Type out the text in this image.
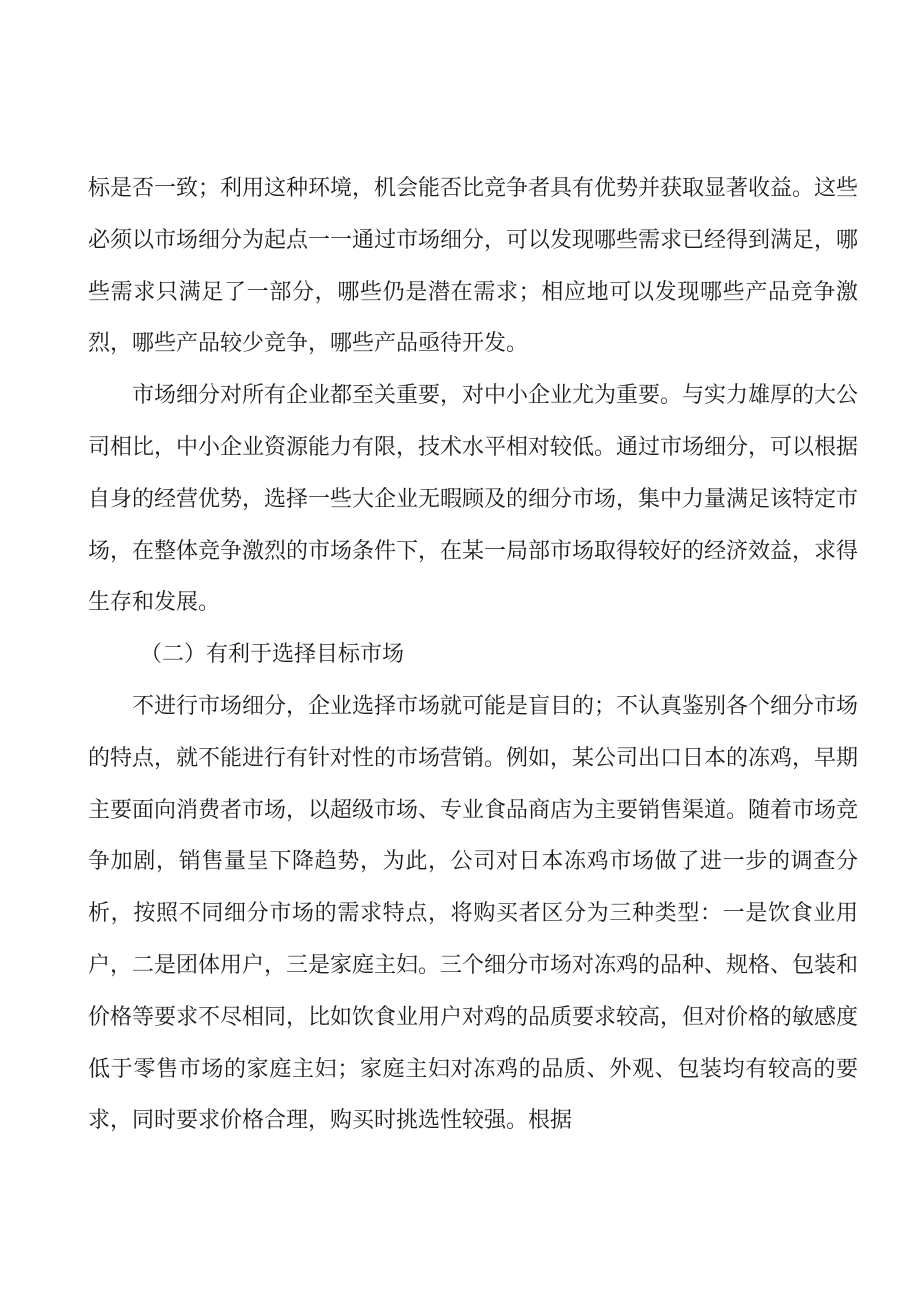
标是否一致；利用这种环境，机会能否比竞争者具有优势并获取显著收益。这些必须以市场细分为起点一一通过市场细分，可以发现哪些需求已经得到满足，哪些需求只满足了一部分，哪些仍是潜在需求；相应地可以发现哪些产品竞争激烈，哪些产品较少竞争，哪些产品亟待开发。

市场细分对所有企业都至关重要，对中小企业尤为重要。与实力雄厚的大公司相比，中小企业资源能力有限，技术水平相对较低。通过市场细分，可以根据自身的经营优势，选择一些大企业无暇顾及的细分市场，集中力量满足该特定市场，在整体竞争激烈的市场条件下，在某一局部市场取得较好的经济效益，求得生存和发展。

（二）有利于选择目标市场

不进行市场细分，企业选择市场就可能是盲目的；不认真鉴别各个细分市场的特点，就不能进行有针对性的市场营销。例如，某公司出口日本的冻鸡，早期主要面向消费者市场，以超级市场、专业食品商店为主要销售渠道。随着市场竞争加剧，销售量呈下降趋势，为此，公司对日本冻鸡市场做了进一步的调查分析，按照不同细分市场的需求特点，将购买者区分为三种类型：一是饮食业用户，二是团体用户，三是家庭主妇。三个细分市场对冻鸡的品种、规格、包装和价格等要求不尽相同，比如饮食业用户对鸡的品质要求较高，但对价格的敏感度低于零售市场的家庭主妇；家庭主妇对冻鸡的品质、外观、包装均有较高的要求，同时要求价格合理，购买时挑选性较强。根据
